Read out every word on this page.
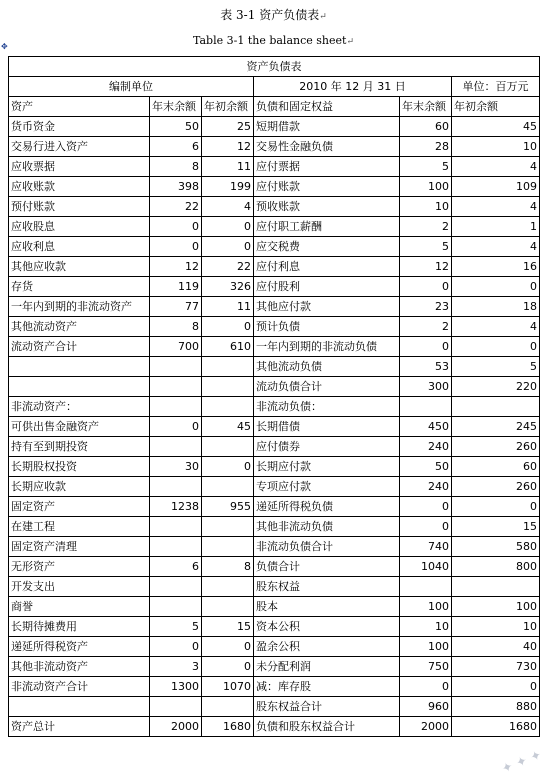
表 3-1 资产负债表↵
Table 3-1 the balance sheet↵
✥
资产负债表					
编制单位			2010 年 12 月 31 日		单位：百万元
资产	年末余额	年初余额	负债和固定权益	年末余额	年初余额
货币资金	50	25	短期借款	60	45
交易行进入资产	6	12	交易性金融负债	28	10
应收票据	8	11	应付票据	5	4
应收账款	398	199	应付账款	100	109
预付账款	22	4	预收账款	10	4
应收股息	0	0	应付职工薪酬	2	1
应收利息	0	0	应交税费	5	4
其他应收款	12	22	应付利息	12	16
存货	119	326	应付股利	0	0
一年内到期的非流动资产	77	11	其他应付款	23	18
其他流动资产	8	0	预计负债	2	4
流动资产合计	700	610	一年内到期的非流动负债	0	0
			其他流动负债	53	5
			流动负债合计	300	220
非流动资产：			非流动负债：		
可供出售金融资产	0	45	长期借债	450	245
持有至到期投资			应付债券	240	260
长期股权投资	30	0	长期应付款	50	60
长期应收款			专项应付款	240	260
固定资产	1238	955	递延所得税负债	0	0
在建工程			其他非流动负债	0	15
固定资产清理			非流动负债合计	740	580
无形资产	6	8	负债合计	1040	800
开发支出			股东权益		
商誉			股本	100	100
长期待摊费用	5	15	资本公积	10	10
递延所得税资产	0	0	盈余公积	100	40
其他非流动资产	3	0	未分配利润	750	730
非流动资产合计	1300	1070	减：库存股	0	0
			股东权益合计	960	880
资产总计	2000	1680	负债和股东权益合计	2000	1680
✦ ✦ ✦
